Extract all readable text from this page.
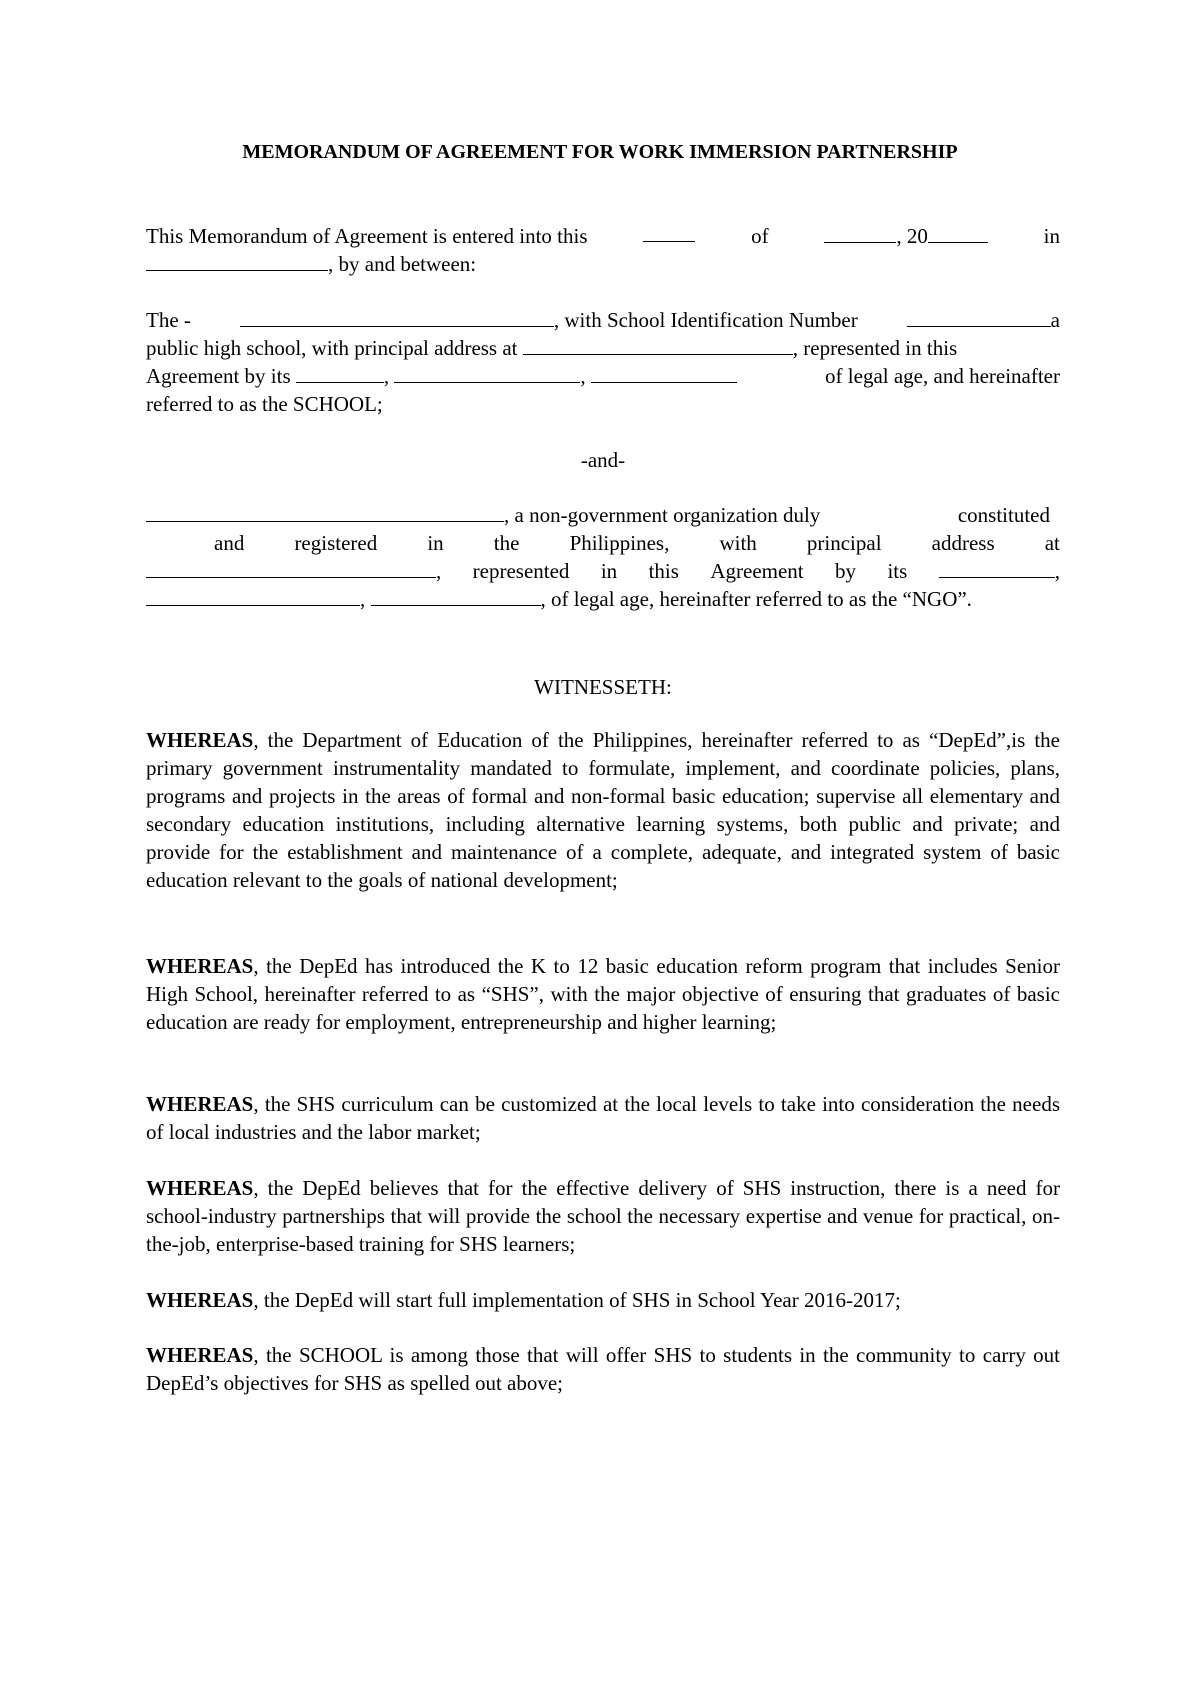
MEMORANDUM OF AGREEMENT FOR WORK IMMERSION PARTNERSHIP
This Memorandum of Agreement is entered into this	of	, 20	in
, by and between:
The -	, with School Identification Number	a
public high school, with principal address at	, represented in this
Agreement by its	,	,	of legal age, and hereinafter
referred to as the SCHOOL;
-and-
, a non-government organization duly	constituted
and registered in the Philippines, with principal address at
, represented in this Agreement by its	,
,	, of legal age, hereinafter referred to as the “NGO”.
WITNESSETH:

WHEREAS, the Department of Education of the Philippines, hereinafter referred to as “DepEd”,is the primary government instrumentality mandated to formulate, implement, and coordinate policies, plans, programs and projects in the areas of formal and non-formal basic education; supervise all elementary and secondary education institutions, including alternative learning systems, both public and private; and provide for the establishment and maintenance of a complete, adequate, and integrated system of basic education relevant to the goals of national development;

WHEREAS, the DepEd has introduced the K to 12 basic education reform program that includes Senior High School, hereinafter referred to as “SHS”, with the major objective of ensuring that graduates of basic education are ready for employment, entrepreneurship and higher learning;

WHEREAS, the SHS curriculum can be customized at the local levels to take into consideration the needs of local industries and the labor market;

WHEREAS, the DepEd believes that for the effective delivery of SHS instruction, there is a need for school-industry partnerships that will provide the school the necessary expertise and venue for practical, on-the-job, enterprise-based training for SHS learners;

WHEREAS, the DepEd will start full implementation of SHS in School Year 2016-2017;

WHEREAS, the SCHOOL is among those that will offer SHS to students in the community to carry out DepEd’s objectives for SHS as spelled out above;
